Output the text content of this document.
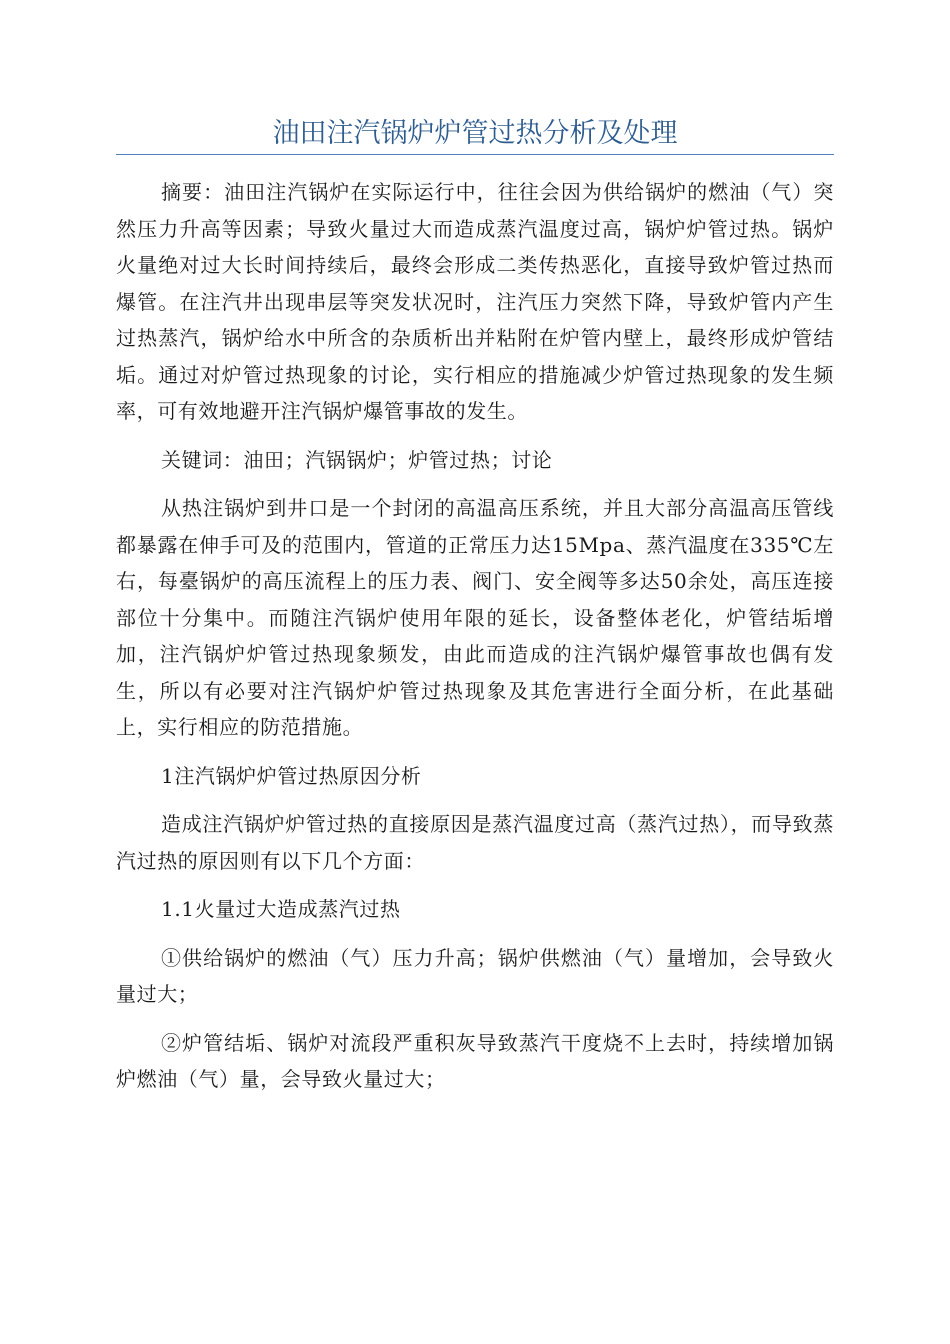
油田注汽锅炉炉管过热分析及处理

摘要：油田注汽锅炉在实际运行中，往往会因为供给锅炉的燃油（气）突然压力升高等因素；导致火量过大而造成蒸汽温度过高，锅炉炉管过热。锅炉火量绝对过大长时间持续后，最终会形成二类传热恶化，直接导致炉管过热而爆管。在注汽井出现串层等突发状况时，注汽压力突然下降，导致炉管内产生过热蒸汽，锅炉给水中所含的杂质析出并粘附在炉管内壁上，最终形成炉管结垢。通过对炉管过热现象的讨论，实行相应的措施减少炉管过热现象的发生频率，可有效地避开注汽锅炉爆管事故的发生。

关键词：油田；汽锅锅炉；炉管过热；讨论

从热注锅炉到井口是一个封闭的高温高压系统，并且大部分高温高压管线都暴露在伸手可及的范围内，管道的正常压力达15Mpa、蒸汽温度在335℃左右，每臺锅炉的高压流程上的压力表、阀门、安全阀等多达50余处，高压连接部位十分集中。而随注汽锅炉使用年限的延长，设备整体老化，炉管结垢增加，注汽锅炉炉管过热现象频发，由此而造成的注汽锅炉爆管事故也偶有发生，所以有必要对注汽锅炉炉管过热现象及其危害进行全面分析，在此基础上，实行相应的防范措施。

1注汽锅炉炉管过热原因分析

造成注汽锅炉炉管过热的直接原因是蒸汽温度过高（蒸汽过热），而导致蒸汽过热的原因则有以下几个方面：

1.1火量过大造成蒸汽过热

①供给锅炉的燃油（气）压力升高；锅炉供燃油（气）量增加，会导致火量过大；

②炉管结垢、锅炉对流段严重积灰导致蒸汽干度烧不上去时，持续增加锅炉燃油（气）量，会导致火量过大；
